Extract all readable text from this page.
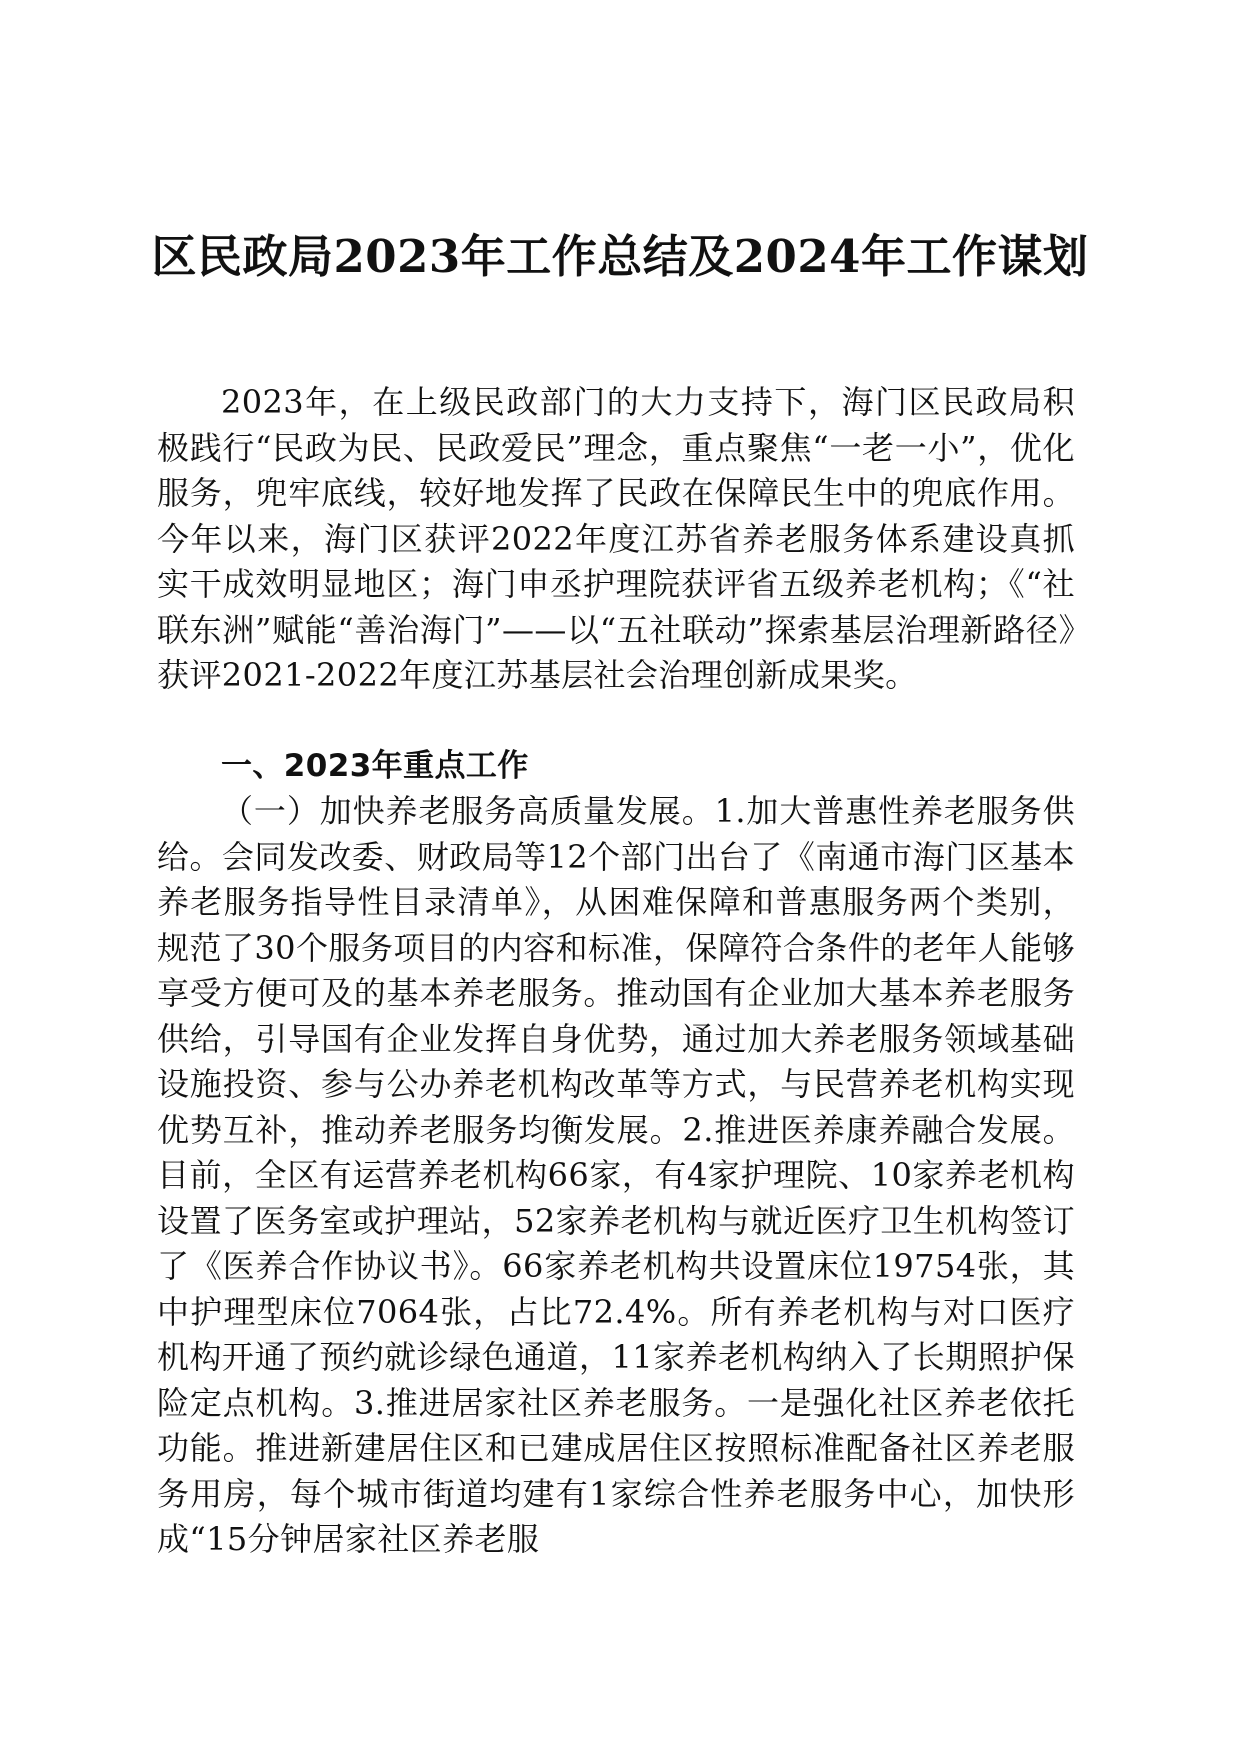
区民政局2023年工作总结及2024年工作谋划

2023年，在上级民政部门的大力支持下，海门区民政局积极践行“民政为民、民政爱民”理念，重点聚焦“一老一小”，优化服务，兜牢底线，较好地发挥了民政在保障民生中的兜底作用。今年以来，海门区获评2022年度江苏省养老服务体系建设真抓实干成效明显地区；海门申丞护理院获评省五级养老机构；《“社联东洲”赋能“善治海门”——以“五社联动”探索基层治理新路径》获评2021-2022年度江苏基层社会治理创新成果奖。

一、2023年重点工作

（一）加快养老服务高质量发展。1.加大普惠性养老服务供给。会同发改委、财政局等12个部门出台了《南通市海门区基本养老服务指导性目录清单》，从困难保障和普惠服务两个类别，规范了30个服务项目的内容和标准，保障符合条件的老年人能够享受方便可及的基本养老服务。推动国有企业加大基本养老服务供给，引导国有企业发挥自身优势，通过加大养老服务领域基础设施投资、参与公办养老机构改革等方式，与民营养老机构实现优势互补，推动养老服务均衡发展。2.推进医养康养融合发展。目前，全区有运营养老机构66家，有4家护理院、10家养老机构设置了医务室或护理站，52家养老机构与就近医疗卫生机构签订了《医养合作协议书》。66家养老机构共设置床位19754张，其中护理型床位7064张，占比72.4%。所有养老机构与对口医疗机构开通了预约就诊绿色通道，11家养老机构纳入了长期照护保险定点机构。3.推进居家社区养老服务。一是强化社区养老依托功能。推进新建居住区和已建成居住区按照标准配备社区养老服务用房，每个城市街道均建有1家综合性养老服务中心，加快形成“15分钟居家社区养老服
